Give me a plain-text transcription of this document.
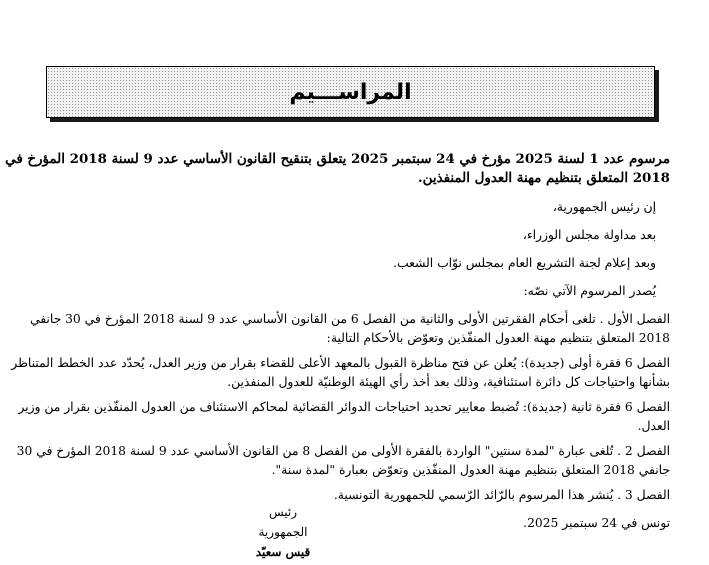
المراســـيم
مرسوم عدد 1 لسنة 2025 مؤرخ في 24 سبتمبر 2025 يتعلق بتنقيح القانون الأساسي عدد 9 لسنة 2018 المؤرخ في
2018 المتعلق بتنظيم مهنة العدول المنفذين.

إن رئيس الجمهورية،

بعد مداولة مجلس الوزراء،

وبعد إعلام لجنة التشريع العام بمجلس نوّاب الشعب.

يُصدر المرسوم الآتي نصّه:

الفصل الأول . تلغى أحكام الفقرتين الأولى والثانية من الفصل 6 من القانون الأساسي عدد 9 لسنة 2018 المؤرخ في 30 جانفي
2018 المتعلق بتنظيم مهنة العدول المنفّذين وتعوّض بالأحكام التالية:
الفصل 6 فقرة أولى (جديدة): يُعلن عن فتح مناظرة القبول بالمعهد الأعلى للقضاء بقرار من وزير العدل، يُحدّد عدد الخطط المتناظر
بشأنها واحتياجات كل دائرة استئنافية، وذلك بعد أخذ رأي الهيئة الوطنيّة للعدول المنفذين.
الفصل 6 فقرة ثانية (جديدة): تُضبط معايير تحديد احتياجات الدوائر القضائية لمحاكم الاستئناف من العدول المنفّذين بقرار من وزير
العدل.
الفصل 2 . تُلغى عبارة "لمدة سنتين" الواردة بالفقرة الأولى من الفصل 8 من القانون الأساسي عدد 9 لسنة 2018 المؤرخ في 30
جانفي 2018 المتعلق بتنظيم مهنة العدول المنفّذين وتعوّض بعبارة "لمدة سنة".

الفصل 3 . يُنشر هذا المرسوم بالرّائد الرّسمي للجمهورية التونسية.

تونس في 24 سبتمبر 2025.

رئيس الجمهورية
قيس سعيّد
